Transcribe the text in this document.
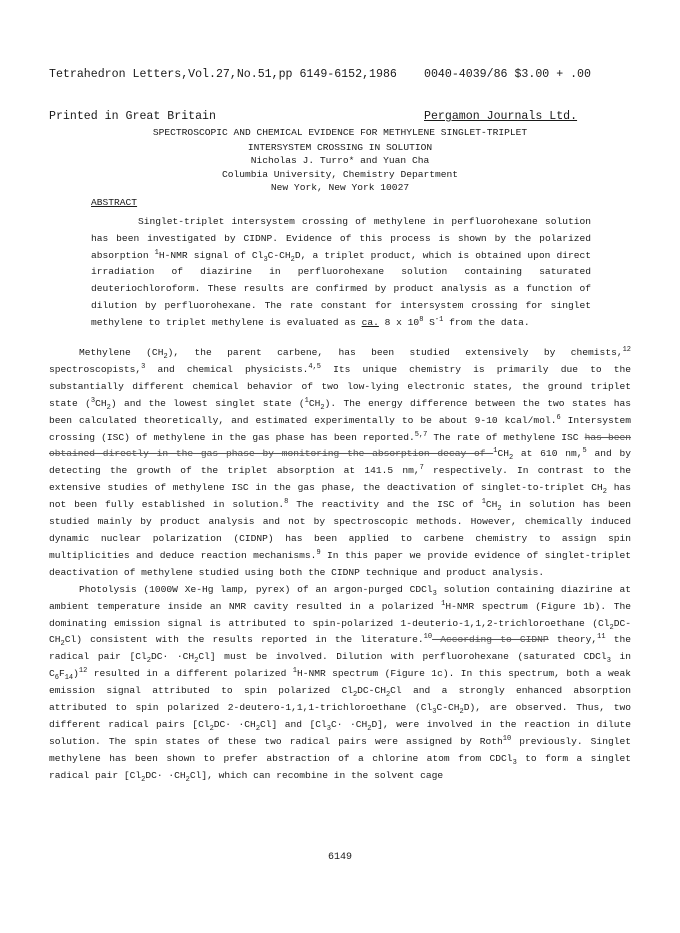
Tetrahedron Letters,Vol.27,No.51,pp 6149-6152,1986

Printed in Great Britain

0040-4039/86 $3.00 + .00

Pergamon Journals Ltd.

SPECTROSCOPIC AND CHEMICAL EVIDENCE FOR METHYLENE SINGLET-TRIPLET
INTERSYSTEM CROSSING IN SOLUTION
Nicholas J. Turro* and Yuan Cha
Columbia University, Chemistry Department
New York, New York 10027
ABSTRACT

Singlet-triplet intersystem crossing of methylene in perfluorohexane solution has been investigated by CIDNP. Evidence of this process is shown by the polarized absorption $^1$H-NMR signal of $Cl_3C-CH_2D$, a triplet product, which is obtained upon direct irradiation of diazirine in perfluorohexane solution containing saturated deuteriochloroform. These results are confirmed by product analysis as a function of dilution by perfluorohexane. The rate constant for intersystem crossing for singlet methylene to triplet methylene is evaluated as ca. 8 x $10^8$ $S^{-1}$ from the data.

Methylene $(CH_2)$, the parent carbene, has been studied extensively by chemists,$^{12}$ spectroscopists,$^3$ and chemical physicists.$^{4,5}$ Its unique chemistry is primarily due to the substantially different chemical behavior of two low-lying electronic states, the ground triplet state $(^3CH_2)$ and the lowest singlet state $(^1CH_2)$. The energy difference between the two states has been calculated theoretically, and estimated experimentally to be about 9-10 kcal/mol.$^6$ Intersystem crossing (ISC) of methylene in the gas phase has been reported.$^{5,7}$ The rate of methylene ISC has been obtained directly in the gas phase by monitoring the absorption decay of $^1CH_2$ at 610 nm,$^5$ and by detecting the growth of the triplet absorption at 141.5 nm,$^7$ respectively. In contrast to the extensive studies of methylene ISC in the gas phase, the deactivation of singlet-to-triplet $CH_2$ has not been fully established in solution.$^8$ The reactivity and the ISC of $^1CH_2$ in solution has been studied mainly by product analysis and not by spectroscopic methods. However, chemically induced dynamic nuclear polarization (CIDNP) has been applied to carbene chemistry to assign spin multiplicities and deduce reaction mechanisms.$^9$ In this paper we provide evidence of singlet-triplet deactivation of methylene studied using both the CIDNP technique and product analysis.

Photolysis (1000W Xe-Hg lamp, pyrex) of an argon-purged CDCl$_3$ solution containing diazirine at ambient temperature inside an NMR cavity resulted in a polarized $^1$H-NMR spectrum (Figure 1b). The dominating emission signal is attributed to spin-polarized 1-deuterio-1,1,2-trichloroethane $(Cl_2DC-CH_2Cl)$ consistent with the results reported in the literature.$^{10}$ According to CIDNP theory,$^{11}$ the radical pair $[Cl_2DC\cdot \cdot CH_2Cl]$ must be involved. Dilution with perfluorohexane (saturated CDCl$_3$ in $C_6F_{14})^{12}$ resulted in a different polarized $^1$H-NMR spectrum (Figure 1c). In this spectrum, both a weak emission signal attributed to spin polarized $Cl_2DC-CH_2Cl$ and a strongly enhanced absorption attributed to spin polarized 2-deutero-1,1,1-trichloroethane $(Cl_3C-CH_2D)$, are observed. Thus, two different radical pairs $[Cl_2DC\cdot \cdot CH_2Cl]$ and $[Cl_3C\cdot \cdot CH_2D]$, were involved in the reaction in dilute solution. The spin states of these two radical pairs were assigned by Roth$^{10}$ previously. Singlet methylene has been shown to prefer abstraction of a chlorine atom from CDCl$_3$ to form a singlet radical pair $[Cl_2DC\cdot \cdot CH_2Cl]$, which can recombine in the solvent cage

6149
